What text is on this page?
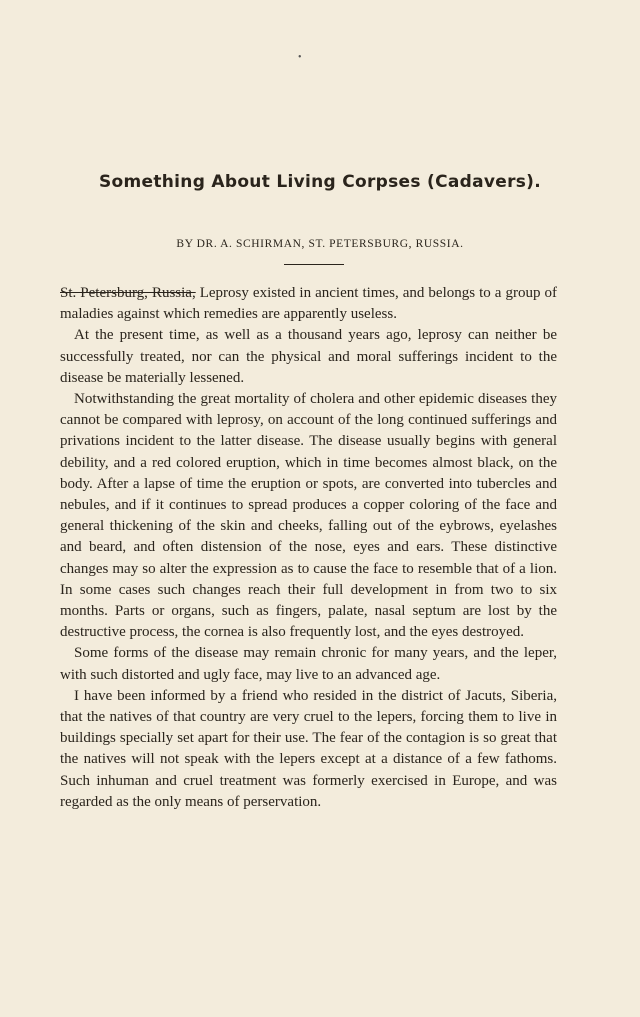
•
Something About Living Corpses (Cadavers).
BY DR. A. SCHIRMAN, ST. PETERSBURG, RUSSIA.

St. Petersburg, Russia, Leprosy existed in ancient times, and belongs to a group of maladies against which remedies are apparently useless.

At the present time, as well as a thousand years ago, leprosy can neither be successfully treated, nor can the physical and moral sufferings incident to the disease be materially lessened.

Notwithstanding the great mortality of cholera and other epidemic diseases they cannot be compared with leprosy, on account of the long continued sufferings and privations incident to the latter disease. The disease usually begins with general debility, and a red colored eruption, which in time becomes almost black, on the body. After a lapse of time the eruption or spots, are converted into tubercles and nebules, and if it continues to spread produces a copper coloring of the face and general thickening of the skin and cheeks, falling out of the eybrows, eyelashes and beard, and often distension of the nose, eyes and ears. These distinctive changes may so alter the expression as to cause the face to resemble that of a lion. In some cases such changes reach their full development in from two to six months. Parts or organs, such as fingers, palate, nasal septum are lost by the destructive process, the cornea is also frequently lost, and the eyes destroyed.

Some forms of the disease may remain chronic for many years, and the leper, with such distorted and ugly face, may live to an advanced age.

I have been informed by a friend who resided in the district of Jacuts, Siberia, that the natives of that country are very cruel to the lepers, forcing them to live in buildings specially set apart for their use. The fear of the contagion is so great that the natives will not speak with the lepers except at a distance of a few fathoms. Such inhuman and cruel treatment was formerly exercised in Europe, and was regarded as the only means of perservation.
